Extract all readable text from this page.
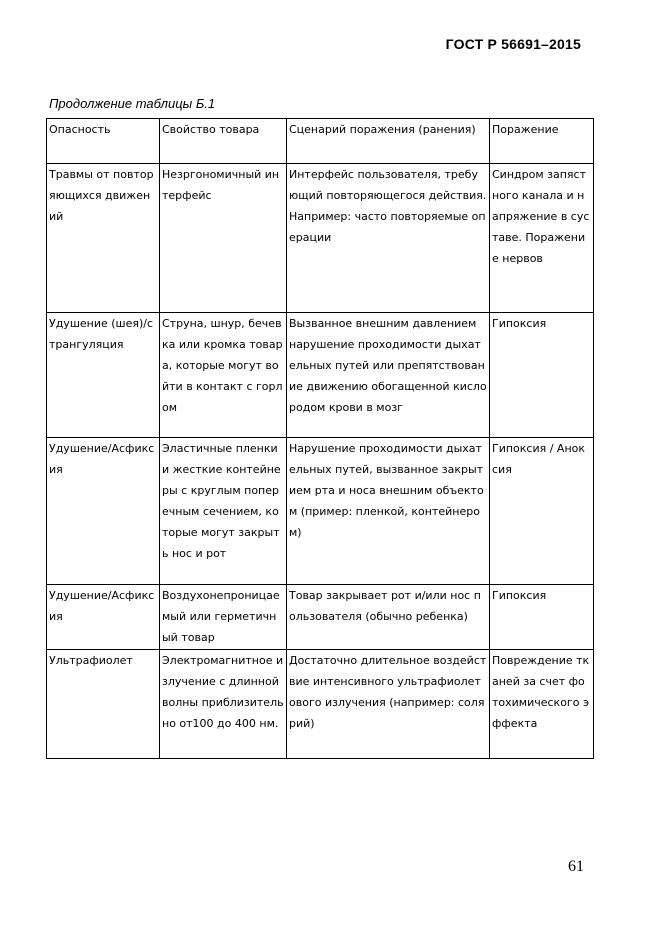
ГОСТ Р 56691–2015
Продолжение таблицы Б.1
Опасность	Свойство товара	Сценарий поражения (ранения)	Поражение
Травмы от повторяющихся движений	Незргономичный интерфейс	Интерфейс пользователя, требующий повторяющегося действия. Например: часто повторяемые операции	Синдром запястного канала и напряжение в суставе. Поражение нервов
Удушение (шея)/странгуляция	Струна, шнур, бечевка или кромка товара, которые могут войти в контакт с горлом	Вызванное внешним давлением нарушение проходимости дыхательных путей или препятствование движению обогащенной кислородом крови в мозг	Гипоксия
Удушение/Асфиксия	Эластичные пленки и жесткие контейнеры с круглым поперечным сечением, которые могут закрыть нос и рот	Нарушение проходимости дыхательных путей, вызванное закрытием рта и носа внешним объектом (пример: пленкой, контейнером)	Гипоксия / Аноксия
Удушение/Асфиксия	Воздухонепроницаемый или герметичный товар	Товар закрывает рот и/или нос пользователя (обычно ребенка)	Гипоксия
Ультрафиолет	Электромагнитное излучение с длинной волны приблизительно от100 до 400 нм.	Достаточно длительное воздействие интенсивного ультрафиолетового излучения (например: солярий)	Повреждение тканей за счет фотохимического эффекта
61
